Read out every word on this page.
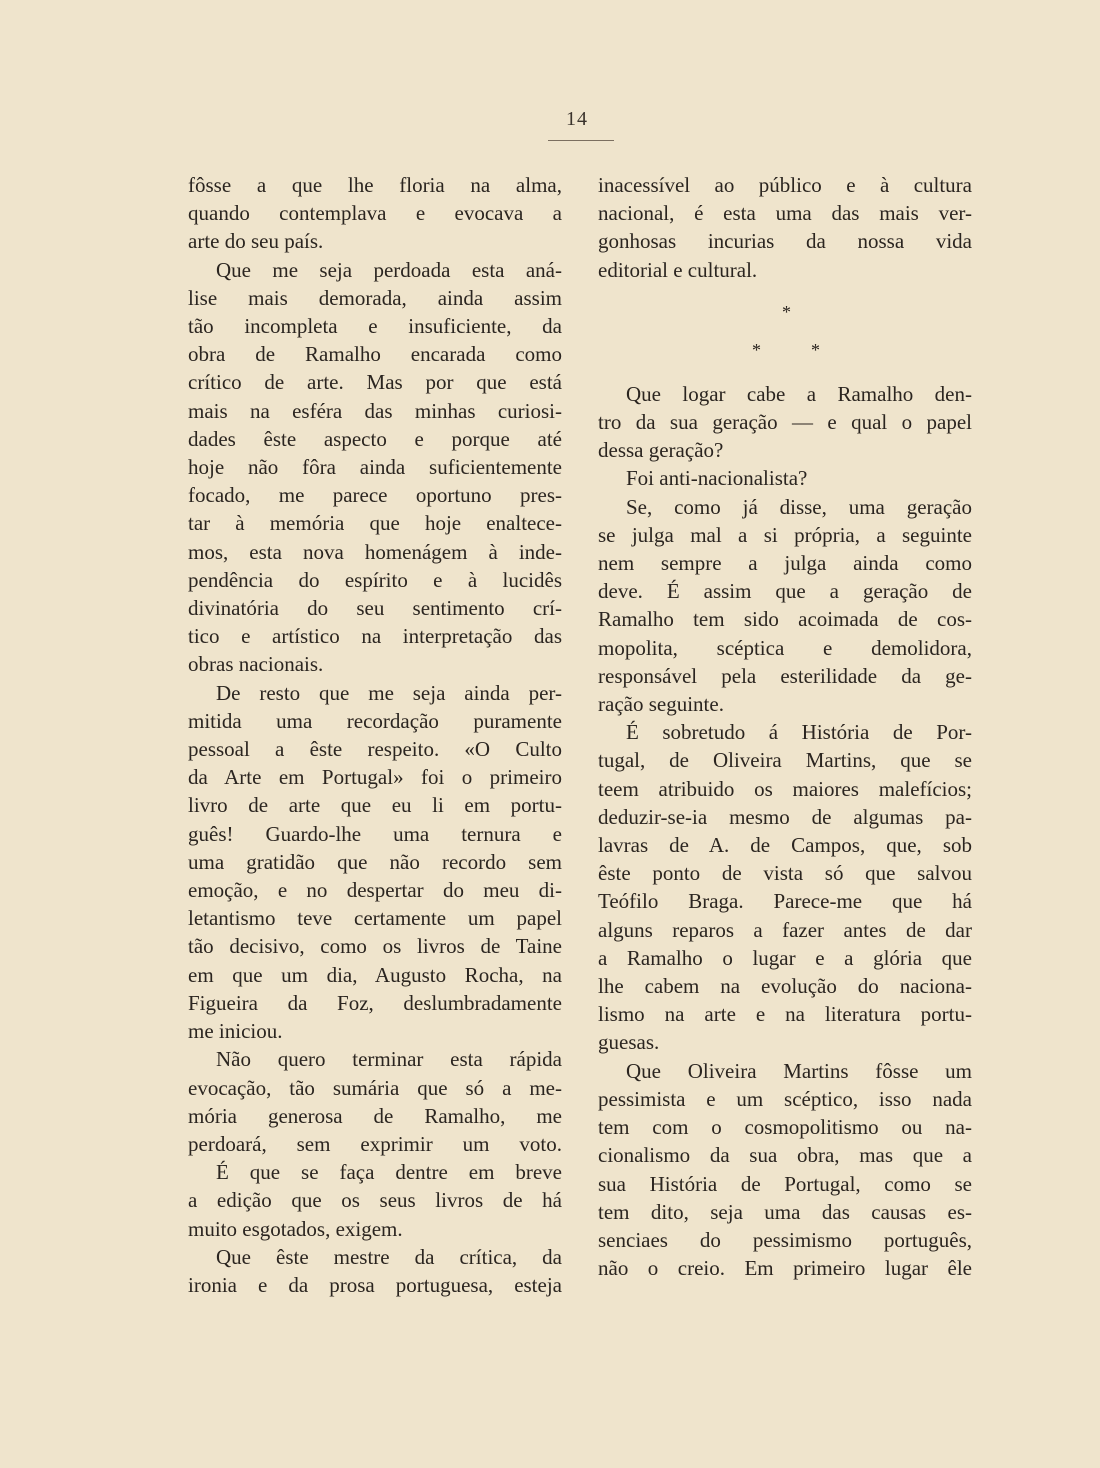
14
fôsse a que lhe floria na alma,
quando contemplava e evocava a
arte do seu país.
Que me seja perdoada esta aná-
lise mais demorada, ainda assim
tão incompleta e insuficiente, da
obra de Ramalho encarada como
crítico de arte. Mas por que está
mais na esféra das minhas curiosi-
dades êste aspecto e porque até
hoje não fôra ainda suficientemente
focado, me parece oportuno pres-
tar à memória que hoje enaltece-
mos, esta nova homenágem à inde-
pendência do espírito e à lucidês
divinatória do seu sentimento crí-
tico e artístico na interpretação das
obras nacionais.
De resto que me seja ainda per-
mitida uma recordação puramente
pessoal a êste respeito. «O Culto
da Arte em Portugal» foi o primeiro
livro de arte que eu li em portu-
guês! Guardo-lhe uma ternura e
uma gratidão que não recordo sem
emoção, e no despertar do meu di-
letantismo teve certamente um papel
tão decisivo, como os livros de Taine
em que um dia, Augusto Rocha, na
Figueira da Foz, deslumbradamente
me iniciou.
Não quero terminar esta rápida
evocação, tão sumária que só a me-
mória generosa de Ramalho, me
perdoará, sem exprimir um voto.
É que se faça dentre em breve
a edição que os seus livros de há
muito esgotados, exigem.
Que êste mestre da crítica, da
ironia e da prosa portuguesa, esteja
inacessível ao público e à cultura
nacional, é esta uma das mais ver-
gonhosas incurias da nossa vida
editorial e cultural.
*
*	*
Que logar cabe a Ramalho den-
tro da sua geração — e qual o papel
dessa geração?
Foi anti-nacionalista?
Se, como já disse, uma geração
se julga mal a si própria, a seguinte
nem sempre a julga ainda como
deve. É assim que a geração de
Ramalho tem sido acoimada de cos-
mopolita, scéptica e demolidora,
responsável pela esterilidade da ge-
ração seguinte.
É sobretudo á História de Por-
tugal, de Oliveira Martins, que se
teem atribuido os maiores malefícios;
deduzir-se-ia mesmo de algumas pa-
lavras de A. de Campos, que, sob
êste ponto de vista só que salvou
Teófilo Braga. Parece-me que há
alguns reparos a fazer antes de dar
a Ramalho o lugar e a glória que
lhe cabem na evolução do naciona-
lismo na arte e na literatura portu-
guesas.
Que Oliveira Martins fôsse um
pessimista e um scéptico, isso nada
tem com o cosmopolitismo ou na-
cionalismo da sua obra, mas que a
sua História de Portugal, como se
tem dito, seja uma das causas es-
senciaes do pessimismo português,
não o creio. Em primeiro lugar êle
